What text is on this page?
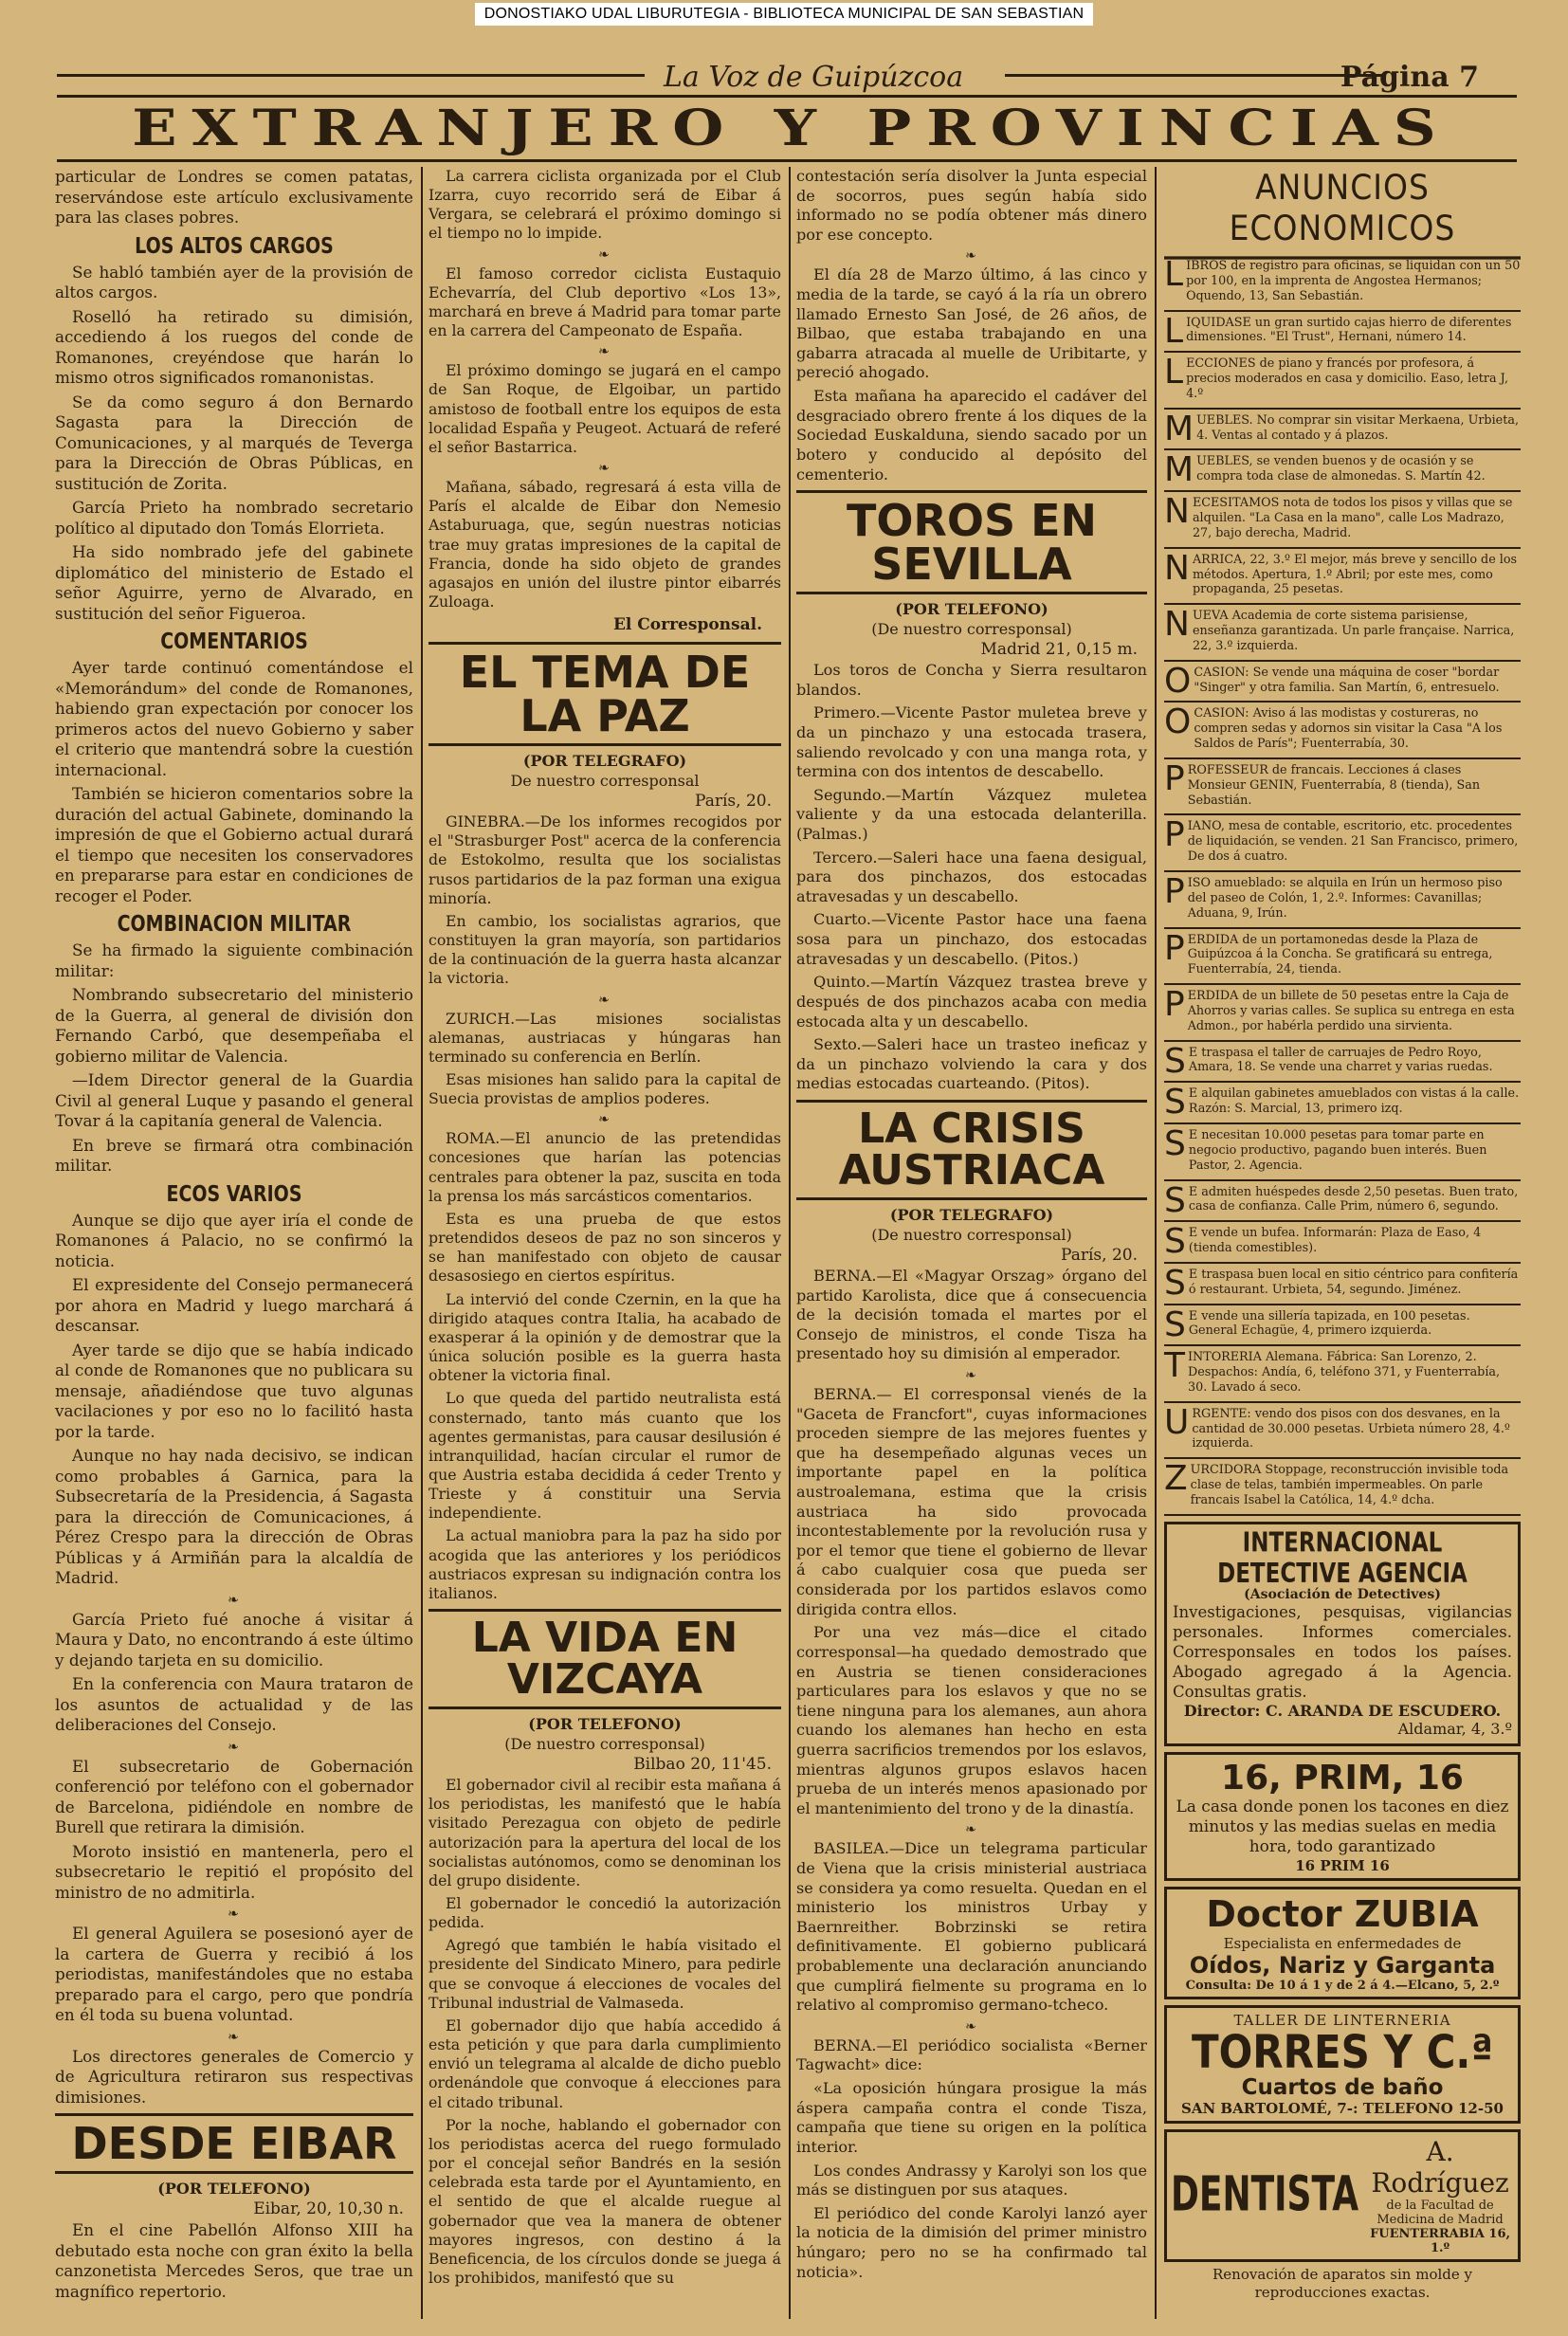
DONOSTIAKO UDAL LIBURUTEGIA - BIBLIOTECA MUNICIPAL DE SAN SEBASTIAN
La Voz de Guipúzcoa	Página 7
EXTRANJERO Y PROVINCIAS

particular de Londres se comen patatas, reservándose este artículo exclusivamente para las clases pobres.

LOS ALTOS CARGOS

Se habló también ayer de la provisión de altos cargos.

Roselló ha retirado su dimisión, accediendo á los ruegos del conde de Romanones, creyéndose que harán lo mismo otros significados romanonistas.

Se da como seguro á don Bernardo Sagasta para la Dirección de Comunicaciones, y al marqués de Teverga para la Dirección de Obras Públicas, en sustitución de Zorita.

García Prieto ha nombrado secretario político al diputado don Tomás Elorrieta.

Ha sido nombrado jefe del gabinete diplomático del ministerio de Estado el señor Aguirre, yerno de Alvarado, en sustitución del señor Figueroa.

COMENTARIOS

Ayer tarde continuó comentándose el «Memorándum» del conde de Romanones, habiendo gran expectación por conocer los primeros actos del nuevo Gobierno y saber el criterio que mantendrá sobre la cuestión internacional.

También se hicieron comentarios sobre la duración del actual Gabinete, dominando la impresión de que el Gobierno actual durará el tiempo que necesiten los conservadores en prepararse para estar en condiciones de recoger el Poder.

COMBINACION MILITAR

Se ha firmado la siguiente combinación militar:

Nombrando subsecretario del ministerio de la Guerra, al general de división don Fernando Carbó, que desempeñaba el gobierno militar de Valencia.

—Idem Director general de la Guardia Civil al general Luque y pasando el general Tovar á la capitanía general de Valencia.

En breve se firmará otra combinación militar.

ECOS VARIOS

Aunque se dijo que ayer iría el conde de Romanones á Palacio, no se confirmó la noticia.

El expresidente del Consejo permanecerá por ahora en Madrid y luego marchará á descansar.

Ayer tarde se dijo que se había indicado al conde de Romanones que no publicara su mensaje, añadiéndose que tuvo algunas vacilaciones y por eso no lo facilitó hasta por la tarde.

Aunque no hay nada decisivo, se indican como probables á Garnica, para la Subsecretaría de la Presidencia, á Sagasta para la dirección de Comunicaciones, á Pérez Crespo para la dirección de Obras Públicas y á Armiñán para la alcaldía de Madrid.

❧

García Prieto fué anoche á visitar á Maura y Dato, no encontrando á este último y dejando tarjeta en su domicilio.

En la conferencia con Maura trataron de los asuntos de actualidad y de las deliberaciones del Consejo.

❧

El subsecretario de Gobernación conferenció por teléfono con el gobernador de Barcelona, pidiéndole en nombre de Burell que retirara la dimisión.

Moroto insistió en mantenerla, pero el subsecretario le repitió el propósito del ministro de no admitirla.

❧

El general Aguilera se posesionó ayer de la cartera de Guerra y recibió á los periodistas, manifestándoles que no estaba preparado para el cargo, pero que pondría en él toda su buena voluntad.

❧

Los directores generales de Comercio y de Agricultura retiraron sus respectivas dimisiones.

DESDE EIBAR
(POR TELEFONO)
Eibar, 20, 10,30 n.

En el cine Pabellón Alfonso XIII ha debutado esta noche con gran éxito la bella canzonetista Mercedes Seros, que trae un magnífico repertorio.

La carrera ciclista organizada por el Club Izarra, cuyo recorrido será de Eibar á Vergara, se celebrará el próximo domingo si el tiempo no lo impide.

❧

El famoso corredor ciclista Eustaquio Echevarría, del Club deportivo «Los 13», marchará en breve á Madrid para tomar parte en la carrera del Campeonato de España.

❧

El próximo domingo se jugará en el campo de San Roque, de Elgoibar, un partido amistoso de football entre los equipos de esta localidad España y Peugeot. Actuará de referé el señor Bastarrica.

❧

Mañana, sábado, regresará á esta villa de París el alcalde de Eibar don Nemesio Astaburuaga, que, según nuestras noticias trae muy gratas impresiones de la capital de Francia, donde ha sido objeto de grandes agasajos en unión del ilustre pintor eibarrés Zuloaga.

El Corresponsal.
EL TEMA DE LA PAZ
(POR TELEGRAFO)
De nuestro corresponsal
París, 20.

GINEBRA.—De los informes recogidos por el "Strasburger Post" acerca de la conferencia de Estokolmo, resulta que los socialistas rusos partidarios de la paz forman una exigua minoría.

En cambio, los socialistas agrarios, que constituyen la gran mayoría, son partidarios de la continuación de la guerra hasta alcanzar la victoria.

❧

ZURICH.—Las misiones socialistas alemanas, austriacas y húngaras han terminado su conferencia en Berlín.

Esas misiones han salido para la capital de Suecia provistas de amplios poderes.

❧

ROMA.—El anuncio de las pretendidas concesiones que harían las potencias centrales para obtener la paz, suscita en toda la prensa los más sarcásticos comentarios.

Esta es una prueba de que estos pretendidos deseos de paz no son sinceros y se han manifestado con objeto de causar desasosiego en ciertos espíritus.

La intervió del conde Czernin, en la que ha dirigido ataques contra Italia, ha acabado de exasperar á la opinión y de demostrar que la única solución posible es la guerra hasta obtener la victoria final.

Lo que queda del partido neutralista está consternado, tanto más cuanto que los agentes germanistas, para causar desilusión é intranquilidad, hacían circular el rumor de que Austria estaba decidida á ceder Trento y Trieste y á constituir una Servia independiente.

La actual maniobra para la paz ha sido por acogida que las anteriores y los periódicos austriacos expresan su indignación contra los italianos.

LA VIDA EN VIZCAYA
(POR TELEFONO)
(De nuestro corresponsal)
Bilbao 20, 11'45.

El gobernador civil al recibir esta mañana á los periodistas, les manifestó que le había visitado Perezagua con objeto de pedirle autorización para la apertura del local de los socialistas autónomos, como se denominan los del grupo disidente.

El gobernador le concedió la autorización pedida.

Agregó que también le había visitado el presidente del Sindicato Minero, para pedirle que se convoque á elecciones de vocales del Tribunal industrial de Valmaseda.

El gobernador dijo que había accedido á esta petición y que para darla cumplimiento envió un telegrama al alcalde de dicho pueblo ordenándole que convoque á elecciones para el citado tribunal.

Por la noche, hablando el gobernador con los periodistas acerca del ruego formulado por el concejal señor Bandrés en la sesión celebrada esta tarde por el Ayuntamiento, en el sentido de que el alcalde ruegue al gobernador que vea la manera de obtener mayores ingresos, con destino á la Beneficencia, de los círculos donde se juega á los prohibidos, manifestó que su

contestación sería disolver la Junta especial de socorros, pues según había sido informado no se podía obtener más dinero por ese concepto.

❧

El día 28 de Marzo último, á las cinco y media de la tarde, se cayó á la ría un obrero llamado Ernesto San José, de 26 años, de Bilbao, que estaba trabajando en una gabarra atracada al muelle de Uribitarte, y pereció ahogado.

Esta mañana ha aparecido el cadáver del desgraciado obrero frente á los diques de la Sociedad Euskalduna, siendo sacado por un botero y conducido al depósito del cementerio.

TOROS EN SEVILLA
(POR TELEFONO)
(De nuestro corresponsal)
Madrid 21, 0,15 m.

Los toros de Concha y Sierra resultaron blandos.

Primero.—Vicente Pastor muletea breve y da un pinchazo y una estocada trasera, saliendo revolcado y con una manga rota, y termina con dos intentos de descabello.

Segundo.—Martín Vázquez muletea valiente y da una estocada delanterilla. (Palmas.)

Tercero.—Saleri hace una faena desigual, para dos pinchazos, dos estocadas atravesadas y un descabello.

Cuarto.—Vicente Pastor hace una faena sosa para un pinchazo, dos estocadas atravesadas y un descabello. (Pitos.)

Quinto.—Martín Vázquez trastea breve y después de dos pinchazos acaba con media estocada alta y un descabello.

Sexto.—Saleri hace un trasteo ineficaz y da un pinchazo volviendo la cara y dos medias estocadas cuarteando. (Pitos).

LA CRISIS AUSTRIACA
(POR TELEGRAFO)
(De nuestro corresponsal)
París, 20.

BERNA.—El «Magyar Orszag» órgano del partido Karolista, dice que á consecuencia de la decisión tomada el martes por el Consejo de ministros, el conde Tisza ha presentado hoy su dimisión al emperador.

❧

BERNA.— El corresponsal vienés de la "Gaceta de Francfort", cuyas informaciones proceden siempre de las mejores fuentes y que ha desempeñado algunas veces un importante papel en la política austroalemana, estima que la crisis austriaca ha sido provocada incontestablemente por la revolución rusa y por el temor que tiene el gobierno de llevar á cabo cualquier cosa que pueda ser considerada por los partidos eslavos como dirigida contra ellos.

Por una vez más—dice el citado corresponsal—ha quedado demostrado que en Austria se tienen consideraciones particulares para los eslavos y que no se tiene ninguna para los alemanes, aun ahora cuando los alemanes han hecho en esta guerra sacrificios tremendos por los eslavos, mientras algunos grupos eslavos hacen prueba de un interés menos apasionado por el mantenimiento del trono y de la dinastía.

❧

BASILEA.—Dice un telegrama particular de Viena que la crisis ministerial austriaca se considera ya como resuelta. Quedan en el ministerio los ministros Urbay y Baernreither. Bobrzinski se retira definitivamente. El gobierno publicará probablemente una declaración anunciando que cumplirá fielmente su programa en lo relativo al compromiso germano-tcheco.

❧

BERNA.—El periódico socialista «Berner Tagwacht» dice:

«La oposición húngara prosigue la más áspera campaña contra el conde Tisza, campaña que tiene su origen en la política interior.

Los condes Andrassy y Karolyi son los que más se distinguen por sus ataques.

El periódico del conde Karolyi lanzó ayer la noticia de la dimisión del primer ministro húngaro; pero no se ha confirmado tal noticia».

ANUNCIOS ECONOMICOS
LIBROS de registro para oficinas, se liquidan con un 50 por 100, en la imprenta de Angostea Hermanos; Oquendo, 13, San Sebastián.
LIQUIDASE un gran surtido cajas hierro de diferentes dimensiones. "El Trust", Hernani, número 14.
LECCIONES de piano y francés por profesora, á precios moderados en casa y domicilio. Easo, letra J, 4.º
MUEBLES. No comprar sin visitar Merkaena, Urbieta, 4. Ventas al contado y á plazos.
MUEBLES, se venden buenos y de ocasión y se compra toda clase de almonedas. S. Martín 42.
NECESITAMOS nota de todos los pisos y villas que se alquilen. "La Casa en la mano", calle Los Madrazo, 27, bajo derecha, Madrid.
NARRICA, 22, 3.º El mejor, más breve y sencillo de los métodos. Apertura, 1.º Abril; por este mes, como propaganda, 25 pesetas.
NUEVA Academia de corte sistema parisiense, enseñanza garantizada. Un parle française. Narrica, 22, 3.º izquierda.
OCASION: Se vende una máquina de coser "bordar "Singer" y otra familia. San Martín, 6, entresuelo.
OCASION: Aviso á las modistas y costureras, no compren sedas y adornos sin visitar la Casa "A los Saldos de París"; Fuenterrabía, 30.
PROFESSEUR de francais. Lecciones á clases Monsieur GENIN, Fuenterrabía, 8 (tienda), San Sebastián.
PIANO, mesa de contable, escritorio, etc. procedentes de liquidación, se venden. 21 San Francisco, primero, De dos á cuatro.
PISO amueblado: se alquila en Irún un hermoso piso del paseo de Colón, 1, 2.º. Informes: Cavanillas; Aduana, 9, Irún.
PERDIDA de un portamonedas desde la Plaza de Guipúzcoa á la Concha. Se gratificará su entrega, Fuenterrabía, 24, tienda.
PERDIDA de un billete de 50 pesetas entre la Caja de Ahorros y varias calles. Se suplica su entrega en esta Admon., por habérla perdido una sirvienta.
S E traspasa el taller de carruajes de Pedro Royo, Amara, 18. Se vende una charret y varias ruedas.
S E alquilan gabinetes amueblados con vistas á la calle. Razón: S. Marcial, 13, primero izq.
S E necesitan 10.000 pesetas para tomar parte en negocio productivo, pagando buen interés. Buen Pastor, 2. Agencia.
S E admiten huéspedes desde 2,50 pesetas. Buen trato, casa de confianza. Calle Prim, número 6, segundo.
S E vende un bufea. Informarán: Plaza de Easo, 4 (tienda comestibles).
S E traspasa buen local en sitio céntrico para confitería ó restaurant. Urbieta, 54, segundo. Jiménez.
S E vende una sillería tapizada, en 100 pesetas. General Echagüe, 4, primero izquierda.
TINTORERIA Alemana. Fábrica: San Lorenzo, 2. Despachos: Andía, 6, teléfono 371, y Fuenterrabía, 30. Lavado á seco.
URGENTE: vendo dos pisos con dos desvanes, en la cantidad de 30.000 pesetas. Urbieta número 28, 4.º izquierda.
ZURCIDORA Stoppage, reconstrucción invisible toda clase de telas, también impermeables. On parle francais Isabel la Católica, 14, 4.º dcha.
INTERNACIONAL DETECTIVE AGENCIA
(Asociación de Detectives)
Investigaciones, pesquisas, vigilancias personales. Informes comerciales. Corresponsales en todos los países. Abogado agregado á la Agencia. Consultas gratis.
Director: C. ARANDA DE ESCUDERO.
Aldamar, 4, 3.º
16, PRIM, 16
La casa donde ponen los tacones en diez minutos y las medias suelas en media hora, todo garantizado
16 PRIM 16
Doctor ZUBIA
Especialista en enfermedades de
Oídos, Nariz y Garganta
Consulta: De 10 á 1 y de 2 á 4.—Elcano, 5, 2.º
TALLER DE LINTERNERIA
TORRES Y C.ª
Cuartos de baño
SAN BARTOLOMÉ, 7-: TELEFONO 12-50
DENTISTA
A. Rodríguez
de la Facultad de Medicina de Madrid
FUENTERRABIA 16, 1.º
Renovación de aparatos sin molde y reproducciones exactas.
